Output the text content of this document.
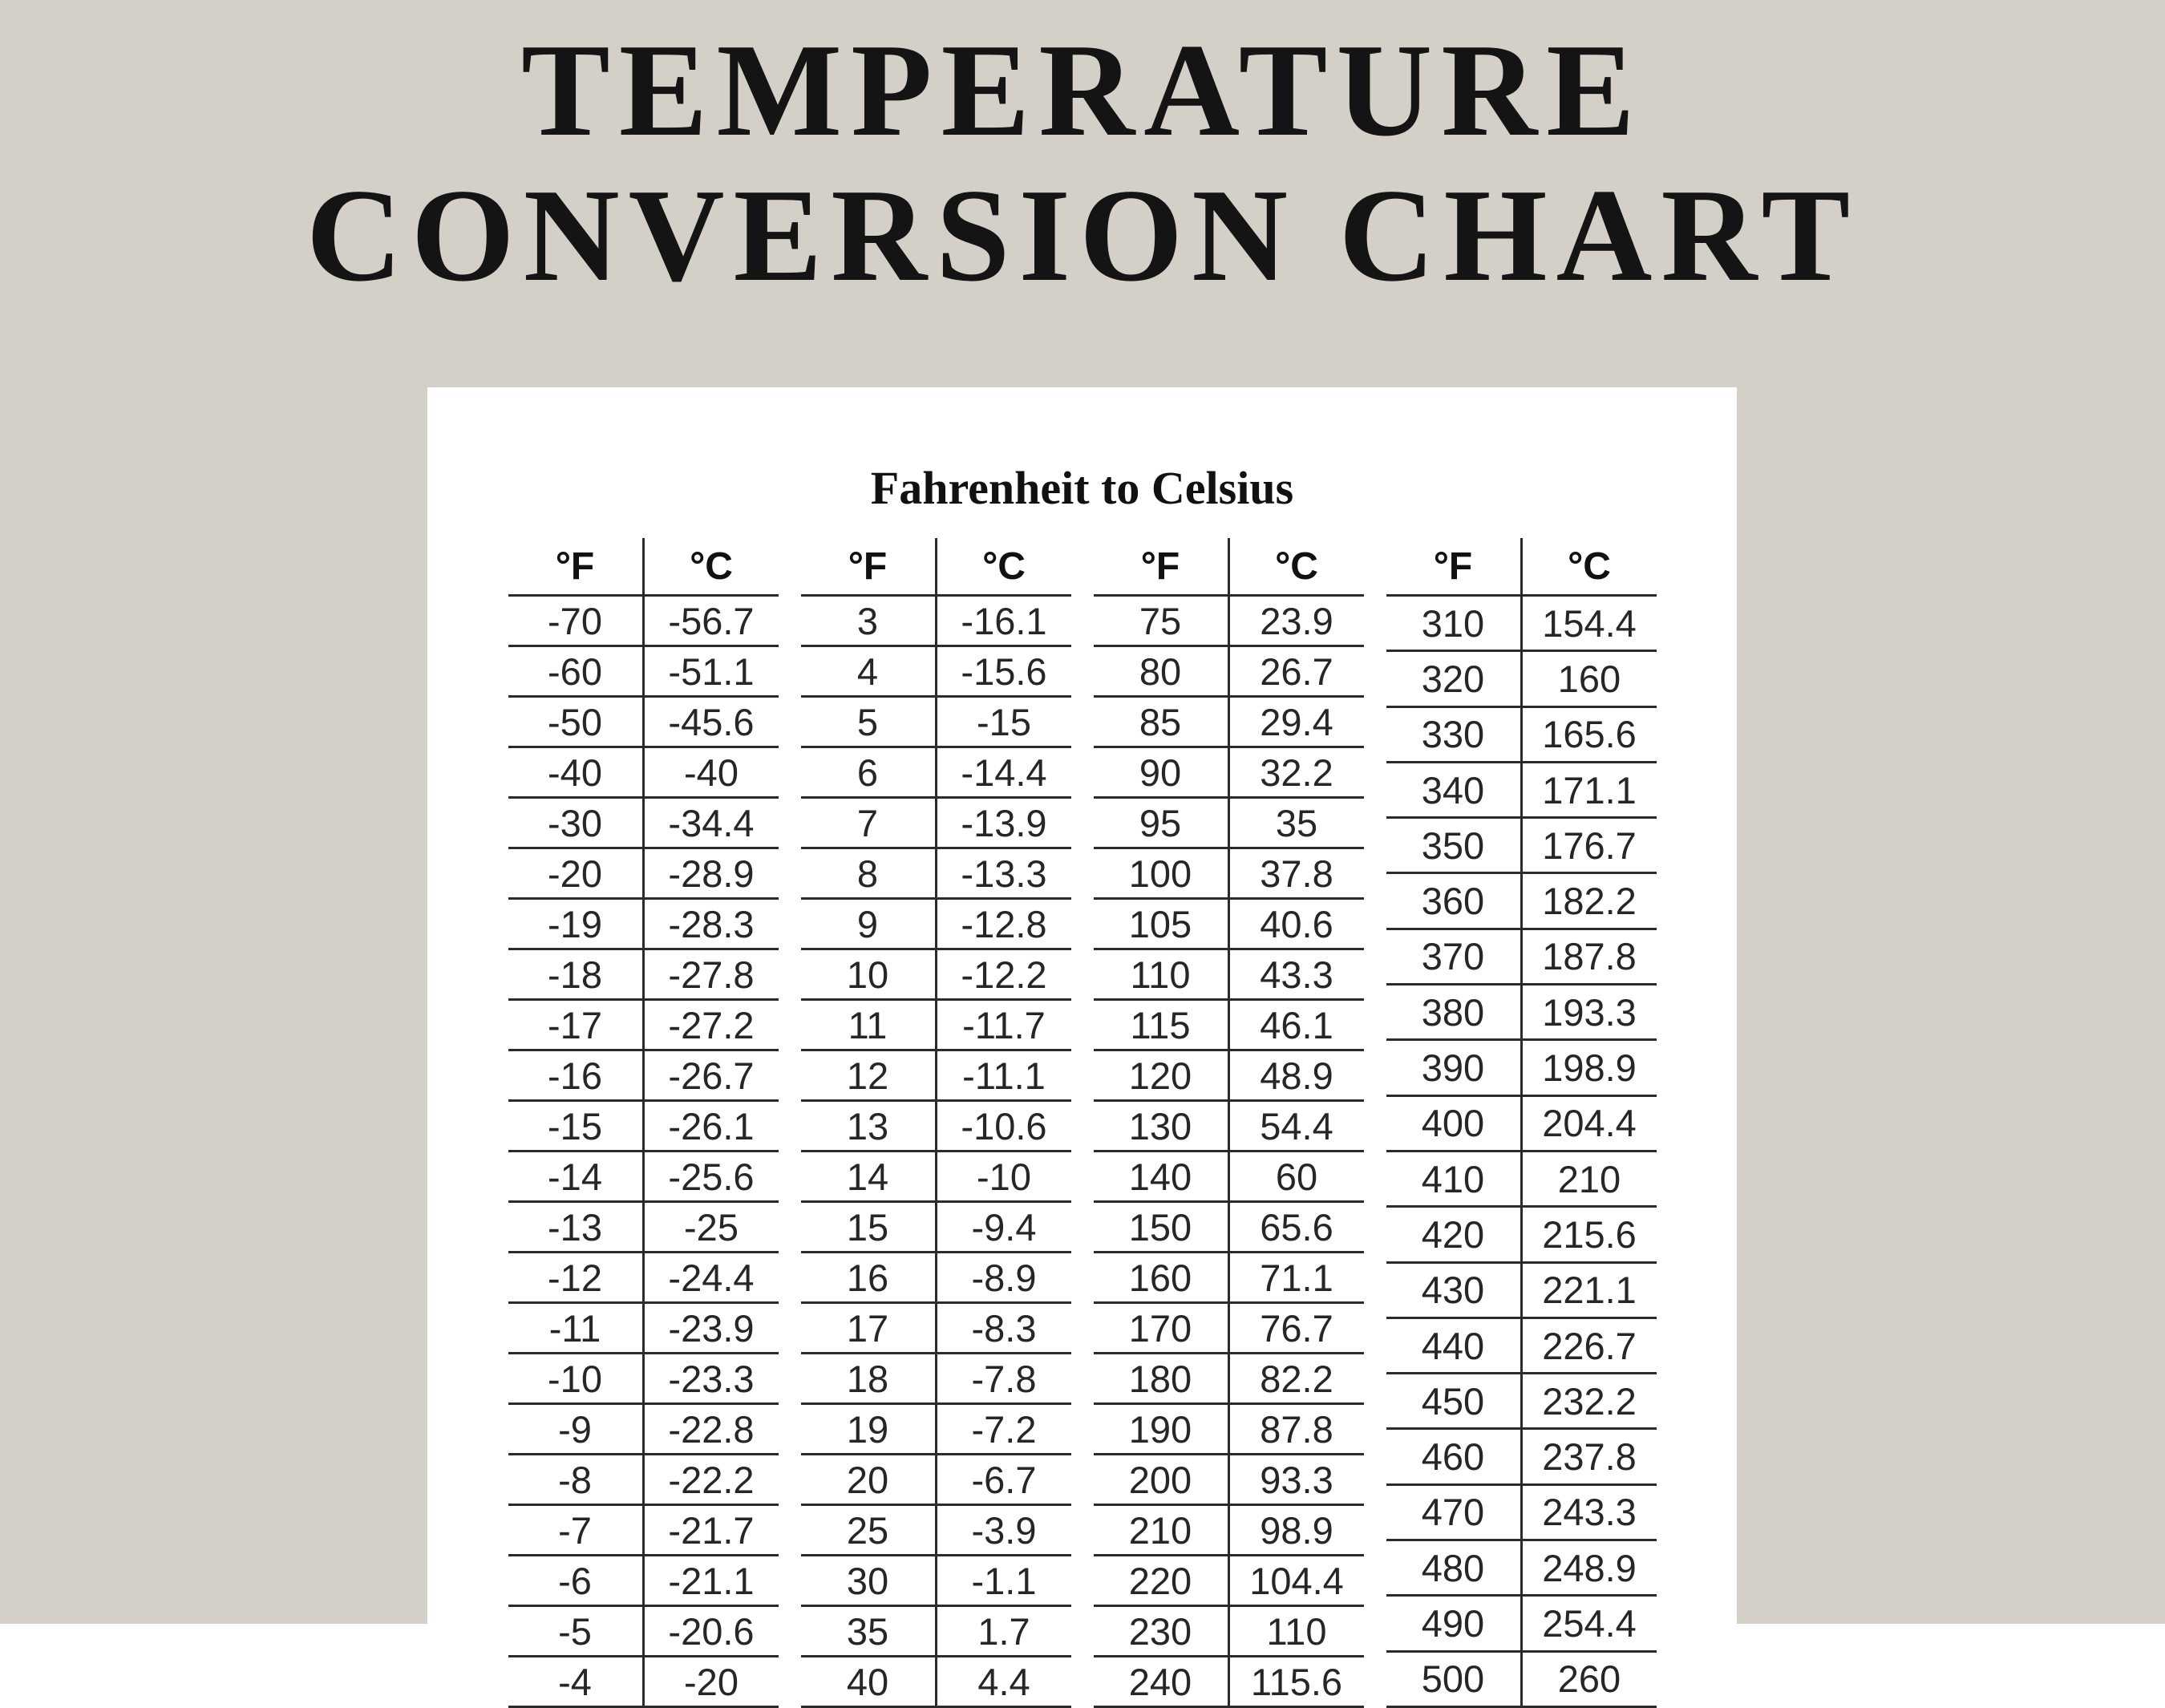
TEMPERATURE
CONVERSION CHART
Fahrenheit to Celsius
°F	°C
-70	-56.7
-60	-51.1
-50	-45.6
-40	-40
-30	-34.4
-20	-28.9
-19	-28.3
-18	-27.8
-17	-27.2
-16	-26.7
-15	-26.1
-14	-25.6
-13	-25
-12	-24.4
-11	-23.9
-10	-23.3
-9	-22.8
-8	-22.2
-7	-21.7
-6	-21.1
-5	-20.6
-4	-20
°F	°C
3	-16.1
4	-15.6
5	-15
6	-14.4
7	-13.9
8	-13.3
9	-12.8
10	-12.2
11	-11.7
12	-11.1
13	-10.6
14	-10
15	-9.4
16	-8.9
17	-8.3
18	-7.8
19	-7.2
20	-6.7
25	-3.9
30	-1.1
35	1.7
40	4.4
°F	°C
75	23.9
80	26.7
85	29.4
90	32.2
95	35
100	37.8
105	40.6
110	43.3
115	46.1
120	48.9
130	54.4
140	60
150	65.6
160	71.1
170	76.7
180	82.2
190	87.8
200	93.3
210	98.9
220	104.4
230	110
240	115.6
°F	°C
310	154.4
320	160
330	165.6
340	171.1
350	176.7
360	182.2
370	187.8
380	193.3
390	198.9
400	204.4
410	210
420	215.6
430	221.1
440	226.7
450	232.2
460	237.8
470	243.3
480	248.9
490	254.4
500	260
